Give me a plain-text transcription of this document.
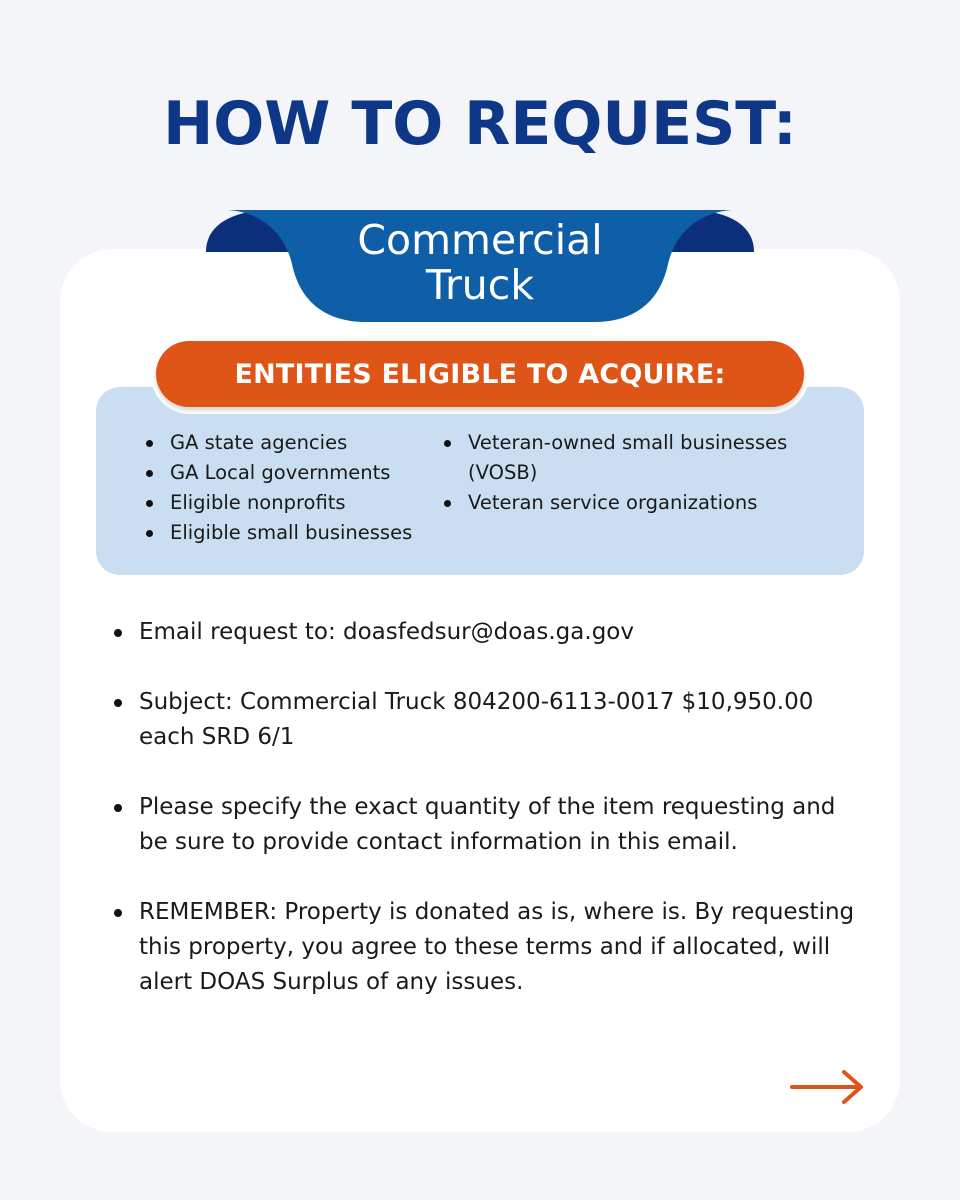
HOW TO REQUEST:
Commercial
Truck
ENTITIES ELIGIBLE TO ACQUIRE:
GA state agencies
GA Local governments
Eligible nonprofits
Eligible small businesses
Veteran-owned small businesses (VOSB)
Veteran service organizations
Email request to: doasfedsur@doas.ga.gov
Subject: Commercial Truck 804200-6113-0017 $10,950.00 each SRD 6/1
Please specify the exact quantity of the item requesting and be sure to provide contact information in this email.
REMEMBER: Property is donated as is, where is. By requesting this property, you agree to these terms and if allocated, will alert DOAS Surplus of any issues.
